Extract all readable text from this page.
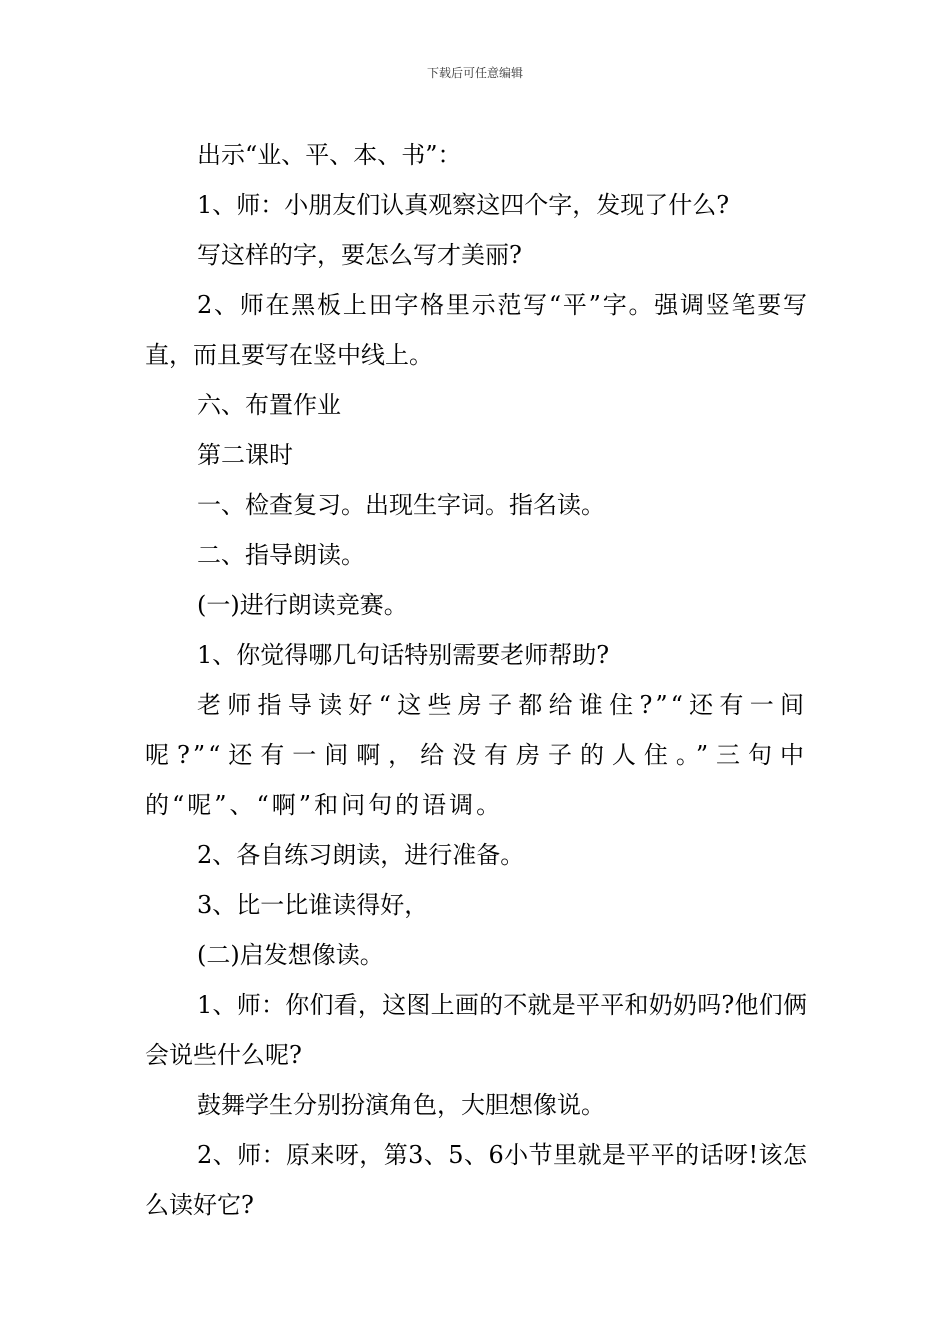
下载后可任意编辑

出示“业、平、本、书”：

1、师：小朋友们认真观察这四个字，发现了什么?

写这样的字，要怎么写才美丽?

2、师在黑板上田字格里示范写“平”字。强调竖笔要写直，而且要写在竖中线上。

六、布置作业

第二课时

一、检查复习。出现生字词。指名读。

二、指导朗读。

(一)进行朗读竞赛。

1、你觉得哪几句话特别需要老师帮助?

老师指导读好“这些房子都给谁住?”“还有一间呢?”“还有一间啊，给没有房子的人住。”三句中的“呢”、“啊”和问句的语调。

2、各自练习朗读，进行准备。

3、比一比谁读得好，

(二)启发想像读。

1、师：你们看，这图上画的不就是平平和奶奶吗?他们俩会说些什么呢?

鼓舞学生分别扮演角色，大胆想像说。

2、师：原来呀，第3、5、6小节里就是平平的话呀!该怎么读好它?
